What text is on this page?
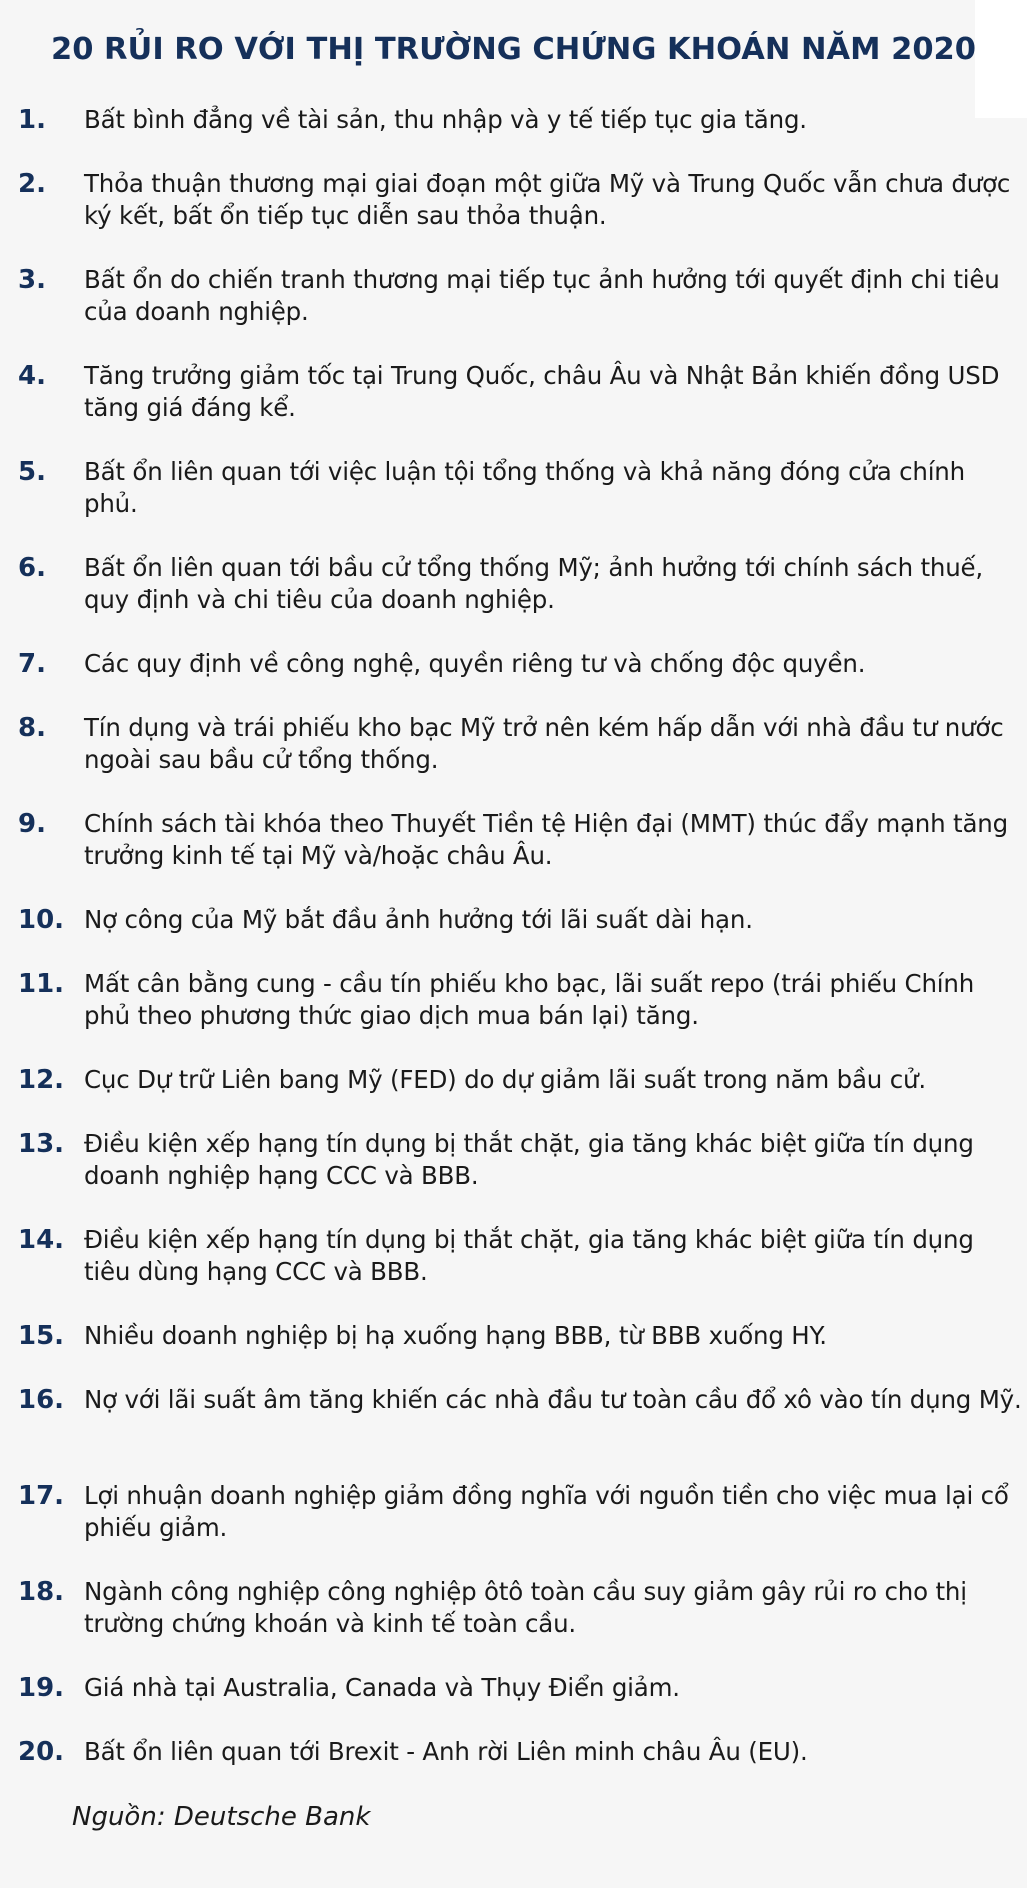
20 RỦI RO VỚI THỊ TRƯỜNG CHỨNG KHOÁN NĂM 2020
1. Bất bình đẳng về tài sản, thu nhập và y tế tiếp tục gia tăng.
2. Thỏa thuận thương mại giai đoạn một giữa Mỹ và Trung Quốc vẫn chưa được ký kết, bất ổn tiếp tục diễn sau thỏa thuận.
3. Bất ổn do chiến tranh thương mại tiếp tục ảnh hưởng tới quyết định chi tiêu của doanh nghiệp.
4. Tăng trưởng giảm tốc tại Trung Quốc, châu Âu và Nhật Bản khiến đồng USD tăng giá đáng kể.
5. Bất ổn liên quan tới việc luận tội tổng thống và khả năng đóng cửa chính phủ.
6. Bất ổn liên quan tới bầu cử tổng thống Mỹ; ảnh hưởng tới chính sách thuế, quy định và chi tiêu của doanh nghiệp.
7. Các quy định về công nghệ, quyền riêng tư và chống độc quyền.
8. Tín dụng và trái phiếu kho bạc Mỹ trở nên kém hấp dẫn với nhà đầu tư nước ngoài sau bầu cử tổng thống.
9. Chính sách tài khóa theo Thuyết Tiền tệ Hiện đại (MMT) thúc đẩy mạnh tăng trưởng kinh tế tại Mỹ và/hoặc châu Âu.
10. Nợ công của Mỹ bắt đầu ảnh hưởng tới lãi suất dài hạn.
11. Mất cân bằng cung - cầu tín phiếu kho bạc, lãi suất repo (trái phiếu Chính phủ theo phương thức giao dịch mua bán lại) tăng.
12. Cục Dự trữ Liên bang Mỹ (FED) do dự giảm lãi suất trong năm bầu cử.
13. Điều kiện xếp hạng tín dụng bị thắt chặt, gia tăng khác biệt giữa tín dụng doanh nghiệp hạng CCC và BBB.
14. Điều kiện xếp hạng tín dụng bị thắt chặt, gia tăng khác biệt giữa tín dụng tiêu dùng hạng CCC và BBB.
15. Nhiều doanh nghiệp bị hạ xuống hạng BBB, từ BBB xuống HY.
16. Nợ với lãi suất âm tăng khiến các nhà đầu tư toàn cầu đổ xô vào tín dụng Mỹ.
17. Lợi nhuận doanh nghiệp giảm đồng nghĩa với nguồn tiền cho việc mua lại cổ phiếu giảm.
18. Ngành công nghiệp công nghiệp ôtô toàn cầu suy giảm gây rủi ro cho thị trường chứng khoán và kinh tế toàn cầu.
19. Giá nhà tại Australia, Canada và Thụy Điển giảm.
20. Bất ổn liên quan tới Brexit - Anh rời Liên minh châu Âu (EU).
Nguồn: Deutsche Bank
